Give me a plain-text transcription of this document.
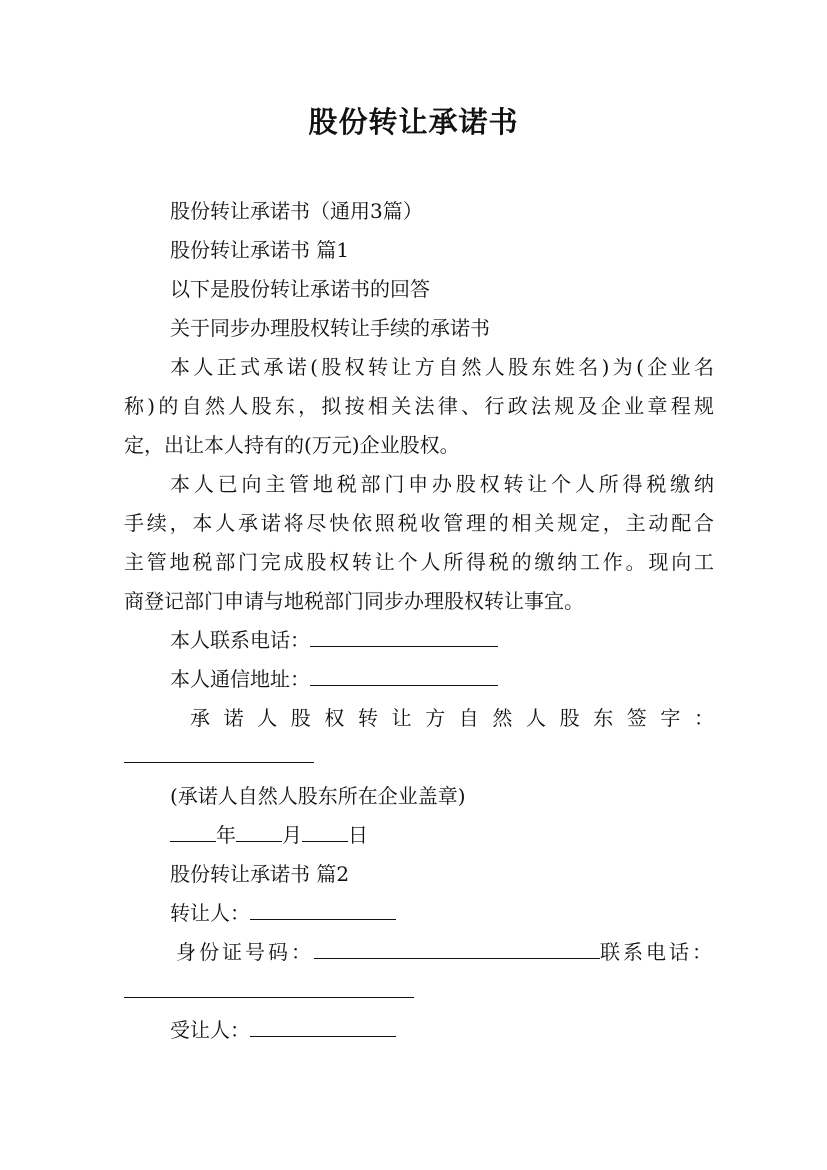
股份转让承诺书
股份转让承诺书（通用3篇）
股份转让承诺书 篇1
以下是股份转让承诺书的回答
关于同步办理股权转让手续的承诺书
本人正式承诺(股权转让方自然人股东姓名)为(企业名
称)的自然人股东，拟按相关法律、行政法规及企业章程规
定，出让本人持有的(万元)企业股权。
本人已向主管地税部门申办股权转让个人所得税缴纳
手续，本人承诺将尽快依照税收管理的相关规定，主动配合
主管地税部门完成股权转让个人所得税的缴纳工作。现向工
商登记部门申请与地税部门同步办理股权转让事宜。
本人联系电话：
本人通信地址：
承诺人股权转让方自然人股东签字：
(承诺人自然人股东所在企业盖章)
年 月 日
股份转让承诺书 篇2
转让人：
身份证号码：	联系电话：
受让人：
